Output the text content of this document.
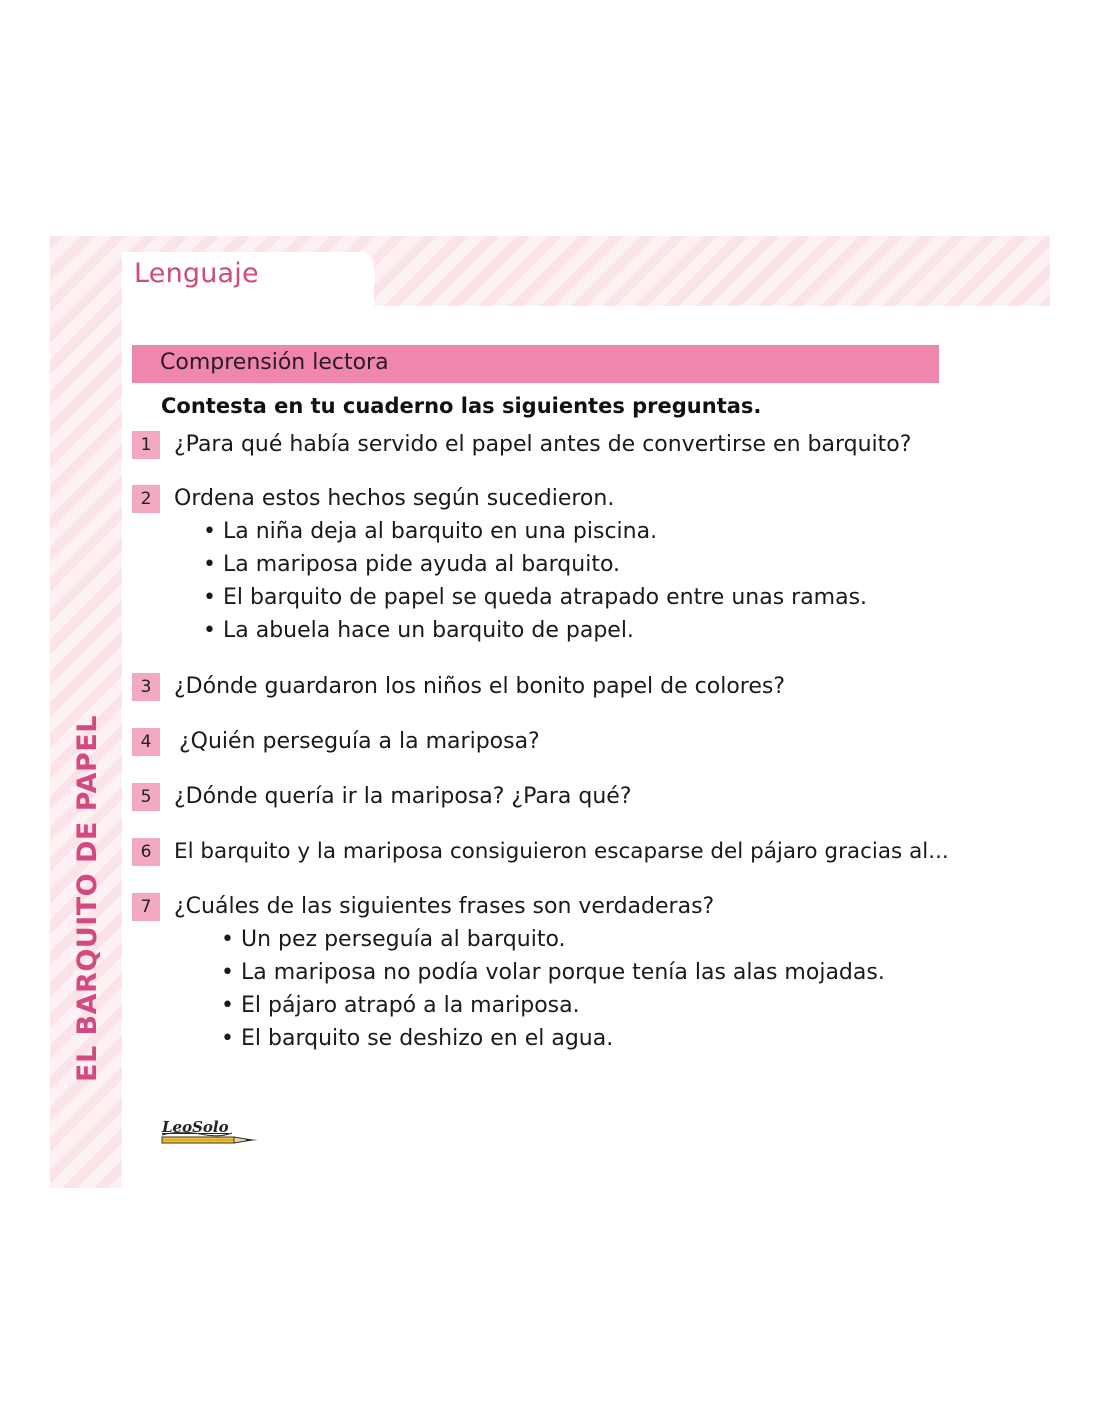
Lenguaje
EL BARQUITO DE PAPEL
Comprensión lectora
Contesta en tu cuaderno las siguientes preguntas.
1	¿Para qué había servido el papel antes de convertirse en barquito?
2	Ordena estos hechos según sucedieron.
• La niña deja al barquito en una piscina.
• La mariposa pide ayuda al barquito.
• El barquito de papel se queda atrapado entre unas ramas.
• La abuela hace un barquito de papel.
3	¿Dónde guardaron los niños el bonito papel de colores?
4	¿Quién perseguía a la mariposa?
5	¿Dónde quería ir la mariposa? ¿Para qué?
6	El barquito y la mariposa consiguieron escaparse del pájaro gracias al...
7	¿Cuáles de las siguientes frases son verdaderas?
• Un pez perseguía al barquito.
• La mariposa no podía volar porque tenía las alas mojadas.
• El pájaro atrapó a la mariposa.
• El barquito se deshizo en el agua.
LeoSolo
